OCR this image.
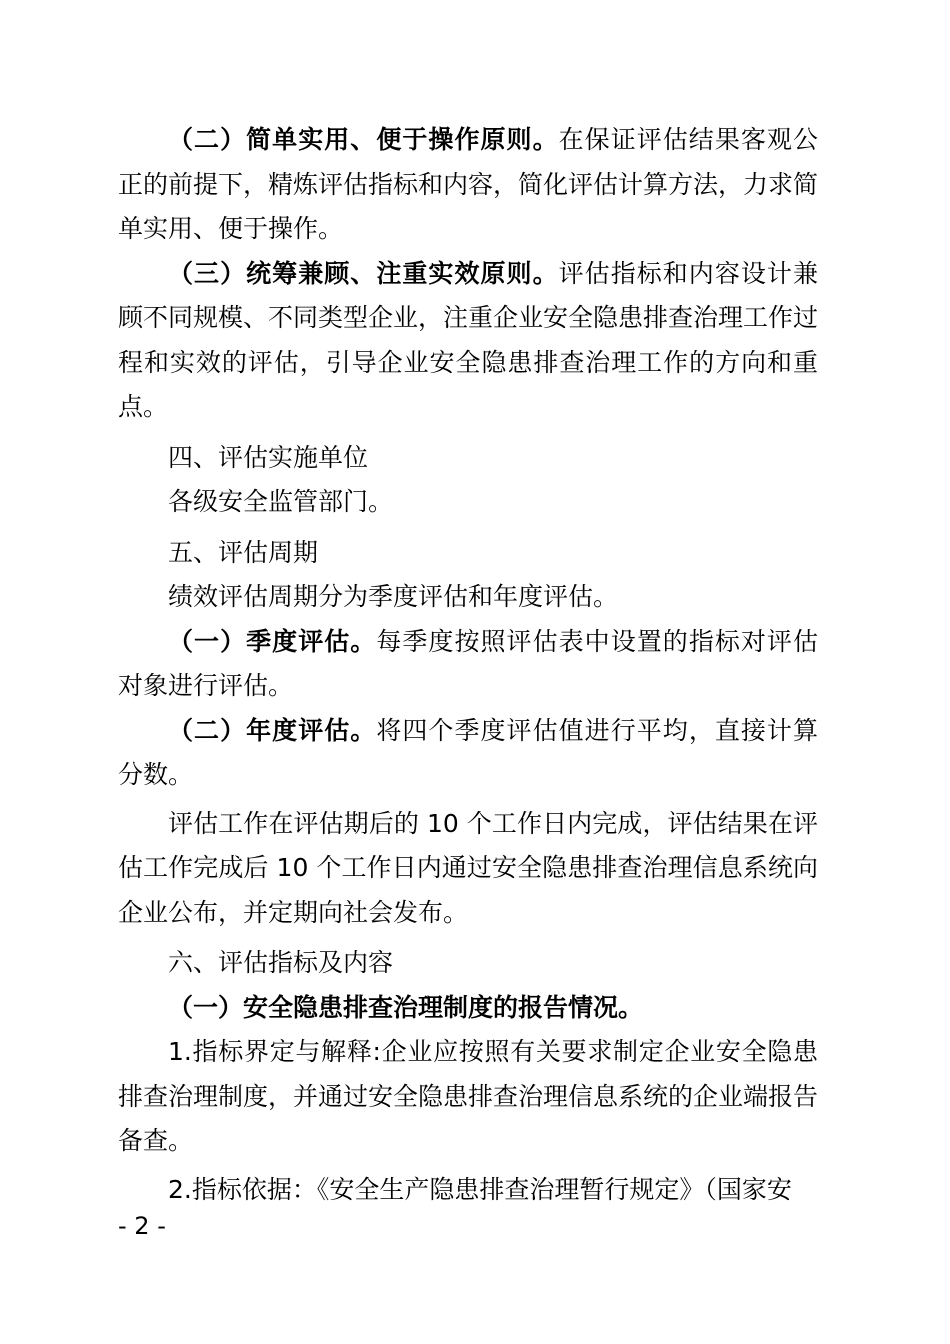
（二）简单实用、便于操作原则。在保证评估结果客观公正的前提下，精炼评估指标和内容，简化评估计算方法，力求简单实用、便于操作。

（三）统筹兼顾、注重实效原则。评估指标和内容设计兼顾不同规模、不同类型企业，注重企业安全隐患排查治理工作过程和实效的评估，引导企业安全隐患排查治理工作的方向和重点。

四、评估实施单位

各级安全监管部门。

五、评估周期

绩效评估周期分为季度评估和年度评估。

（一）季度评估。每季度按照评估表中设置的指标对评估对象进行评估。

（二）年度评估。将四个季度评估值进行平均，直接计算分数。

评估工作在评估期后的 10 个工作日内完成，评估结果在评估工作完成后 10 个工作日内通过安全隐患排查治理信息系统向企业公布，并定期向社会发布。

六、评估指标及内容

（一）安全隐患排查治理制度的报告情况。

1.指标界定与解释:企业应按照有关要求制定企业安全隐患排查治理制度，并通过安全隐患排查治理信息系统的企业端报告备查。

2.指标依据：《安全生产隐患排查治理暂行规定》（国家安

- 2 -
